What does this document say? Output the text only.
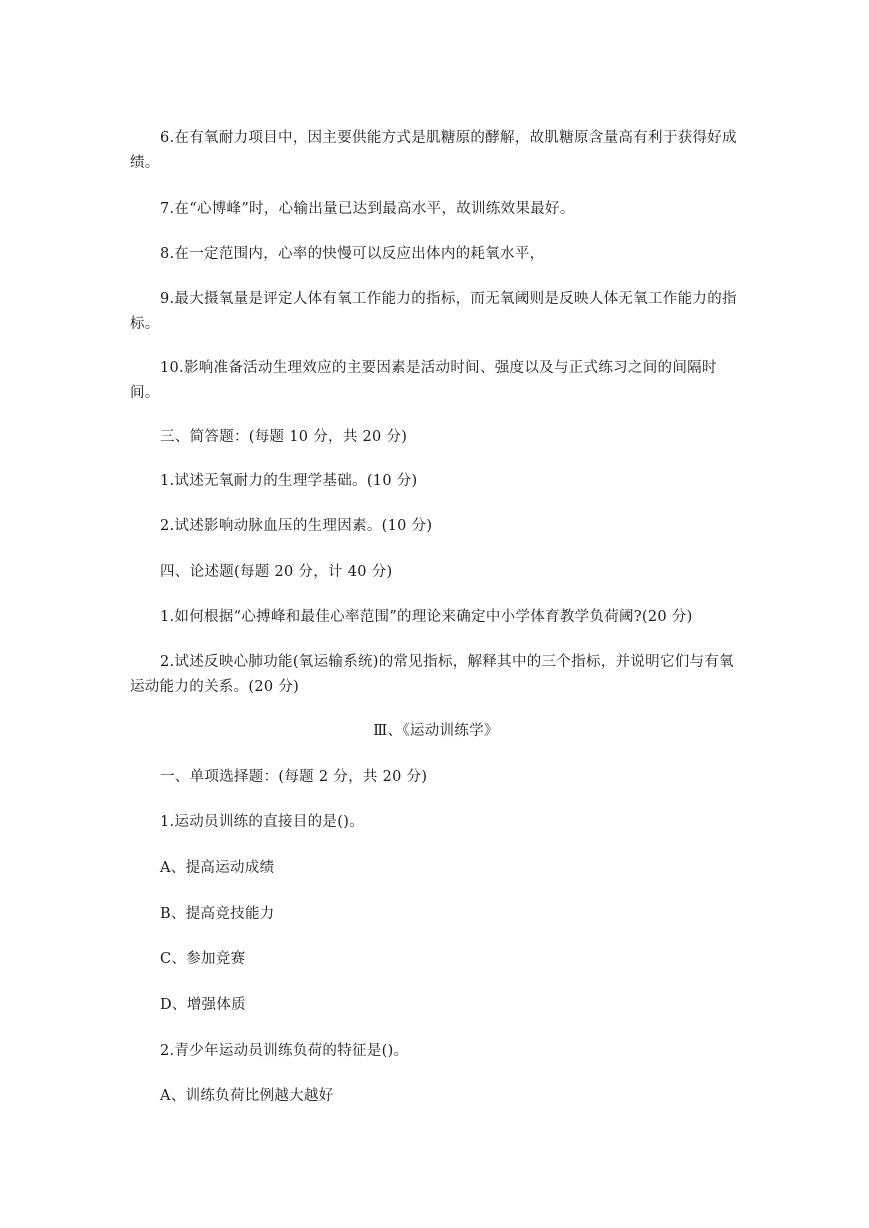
6.在有氧耐力项目中，因主要供能方式是肌糖原的酵解，故肌糖原含量高有利于获得好成绩。

7.在“心博峰”时，心输出量已达到最高水平，故训练效果最好。

8.在一定范围内，心率的快慢可以反应出体内的耗氧水平，

9.最大摄氧量是评定人体有氧工作能力的指标，而无氧阈则是反映人体无氧工作能力的指标。

10.影响准备活动生理效应的主要因素是活动时间、强度以及与正式练习之间的间隔时间。

三、简答题：(每题 10 分，共 20 分)

1.试述无氧耐力的生理学基础。(10 分)

2.试述影响动脉血压的生理因素。(10 分)

四、论述题(每题 20 分，计 40 分)

1.如何根据“心搏峰和最佳心率范围”的理论来确定中小学体育教学负荷阈?(20 分)

2.试述反映心肺功能(氧运输系统)的常见指标，解释其中的三个指标，并说明它们与有氧运动能力的关系。(20 分)

Ⅲ、《运动训练学》

一、单项选择题：(每题 2 分，共 20 分)

1.运动员训练的直接目的是()。

A、提高运动成绩

B、提高竞技能力

C、参加竞赛

D、增强体质

2.青少年运动员训练负荷的特征是()。

A、训练负荷比例越大越好
